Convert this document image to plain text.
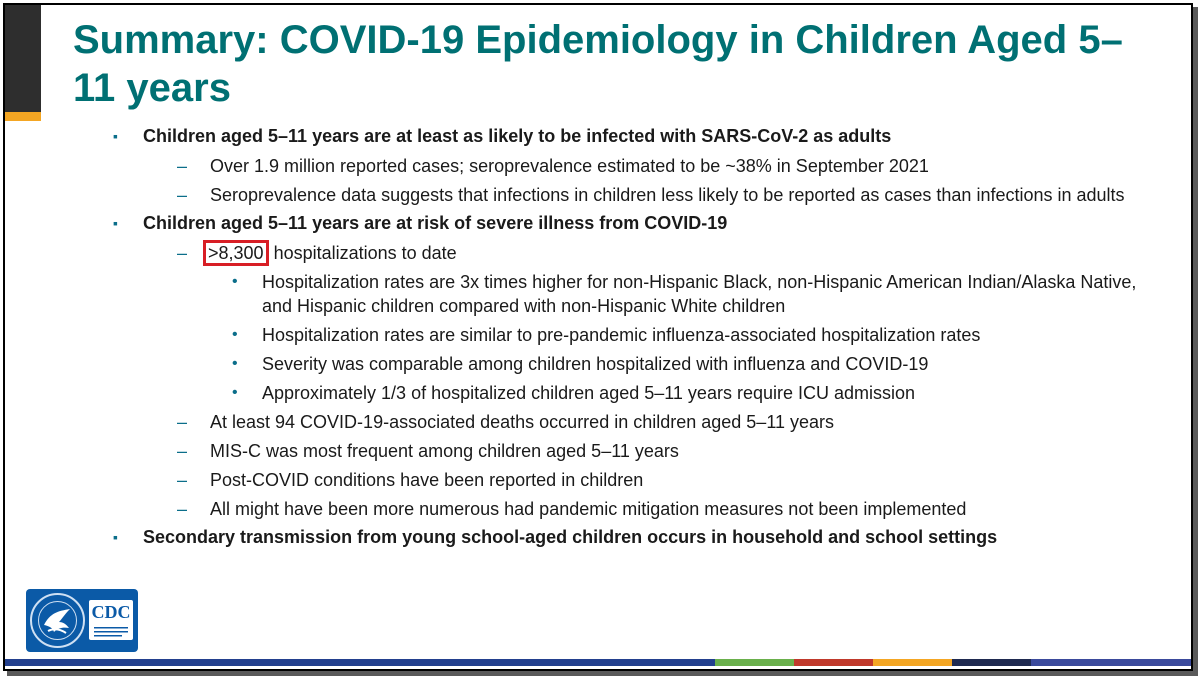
Summary: COVID-19 Epidemiology in Children Aged 5–11 years
▪ Children aged 5–11 years are at least as likely to be infected with SARS-CoV-2 as adults
– Over 1.9 million reported cases; seroprevalence estimated to be ~38% in September 2021
– Seroprevalence data suggests that infections in children less likely to be reported as cases than infections in adults
▪ Children aged 5–11 years are at risk of severe illness from COVID-19
– >8,300 hospitalizations to date
• Hospitalization rates are 3x times higher for non-Hispanic Black, non-Hispanic American Indian/Alaska Native, and Hispanic children compared with non-Hispanic White children
• Hospitalization rates are similar to pre-pandemic influenza-associated hospitalization rates
• Severity was comparable among children hospitalized with influenza and COVID-19
• Approximately 1/3 of hospitalized children aged 5–11 years require ICU admission
– At least 94 COVID-19-associated deaths occurred in children aged 5–11 years
– MIS-C was most frequent among children aged 5–11 years
– Post-COVID conditions have been reported in children
– All might have been more numerous had pandemic mitigation measures not been implemented
▪ Secondary transmission from young school-aged children occurs in household and school settings
CDC
